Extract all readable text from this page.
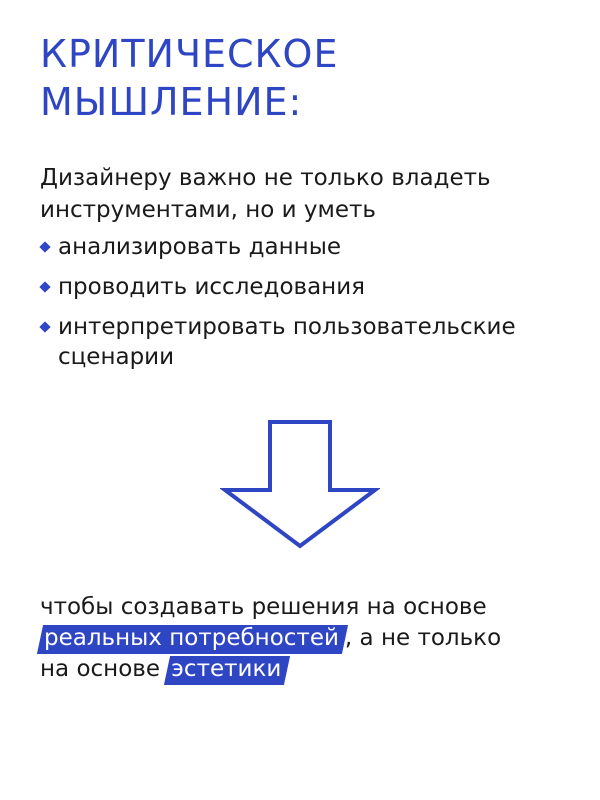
КРИТИЧЕСКОЕ
МЫШЛЕНИЕ:

Дизайнеру важно не только владеть
инструментами, но и уметь

анализировать данные
проводить исследования
интерпретировать пользовательские сценарии

чтобы создавать решения на основе
реальных потребностей , а не только
на основе эстетики
